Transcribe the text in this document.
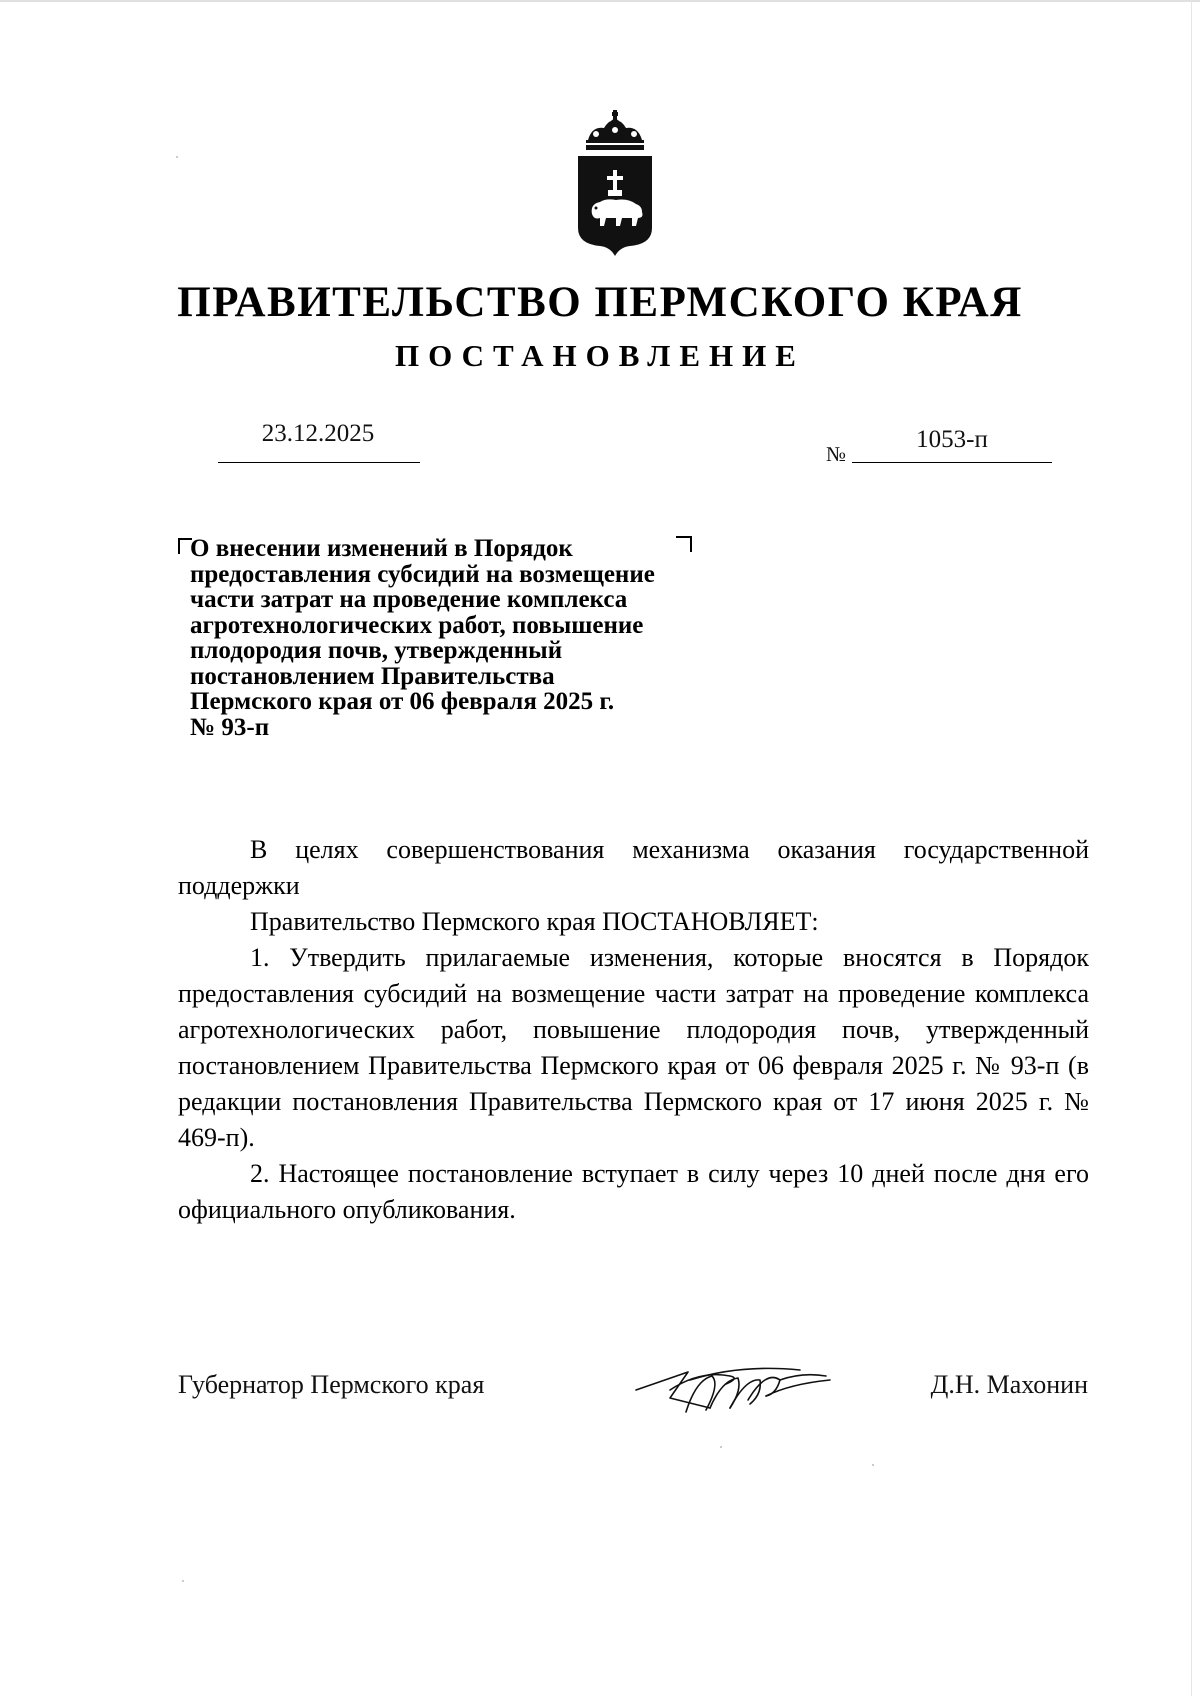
ПРАВИТЕЛЬСТВО ПЕРМСКОГО КРАЯ
ПОСТАНОВЛЕНИЕ
23.12.2025
№
1053-п
О внесении изменений в Порядок
предоставления субсидий на возмещение
части затрат на проведение комплекса
агротехнологических работ, повышение
плодородия почв, утвержденный
постановлением Правительства
Пермского края от 06 февраля 2025 г.
№ 93-п

В целях совершенствования механизма оказания государственной поддержки

Правительство Пермского края ПОСТАНОВЛЯЕТ:

1. Утвердить прилагаемые изменения, которые вносятся в Порядок предоставления субсидий на возмещение части затрат на проведение комплекса агротехнологических работ, повышение плодородия почв, утвержденный постановлением Правительства Пермского края от 06 февраля 2025 г. № 93-п (в редакции постановления Правительства Пермского края от 17 июня 2025 г. № 469-п).

2. Настоящее постановление вступает в силу через 10 дней после дня его официального опубликования.

Губернатор Пермского края	Д.Н. Махонин
